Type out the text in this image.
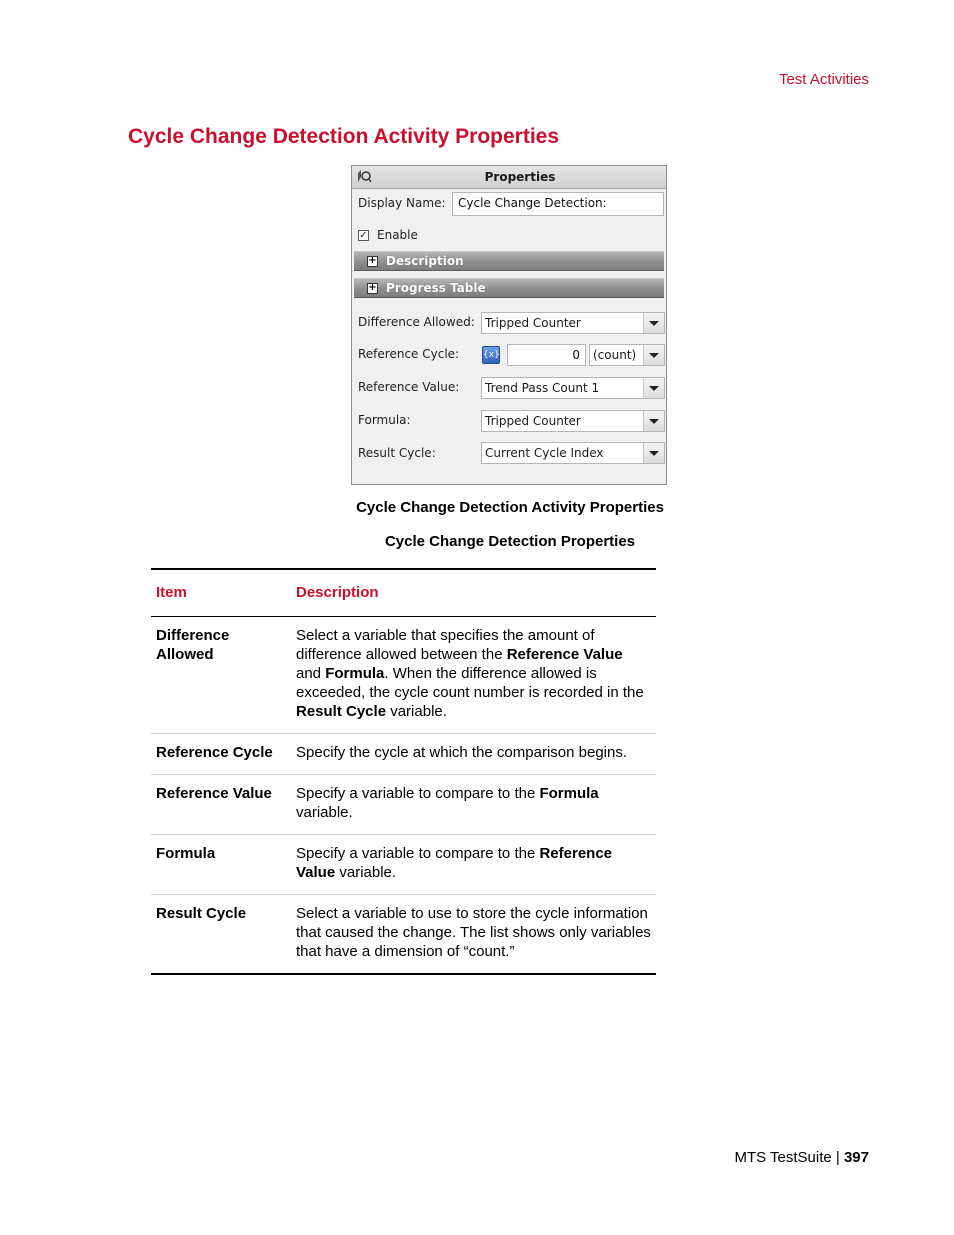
Test Activities
Cycle Change Detection Activity Properties
Properties
Display Name:	Cycle Change Detection:
✓ Enable
+ Description
+ Progress Table
Difference Allowed: Tripped Counter
Reference Cycle:	{x}	0	(count)
Reference Value: Trend Pass Count 1
Formula:	Tripped Counter
Result Cycle:	Current Cycle Index
Cycle Change Detection Activity Properties
Cycle Change Detection Properties
Item	Description
Difference Allowed	Select a variable that specifies the amount of difference allowed between the Reference Value and Formula. When the difference allowed is exceeded, the cycle count number is recorded in the Result Cycle variable.
Reference Cycle	Specify the cycle at which the comparison begins.
Reference Value	Specify a variable to compare to the Formula variable.
Formula	Specify a variable to compare to the Reference Value variable.
Result Cycle	Select a variable to use to store the cycle information that caused the change. The list shows only variables that have a dimension of “count.”
MTS TestSuite | 397
